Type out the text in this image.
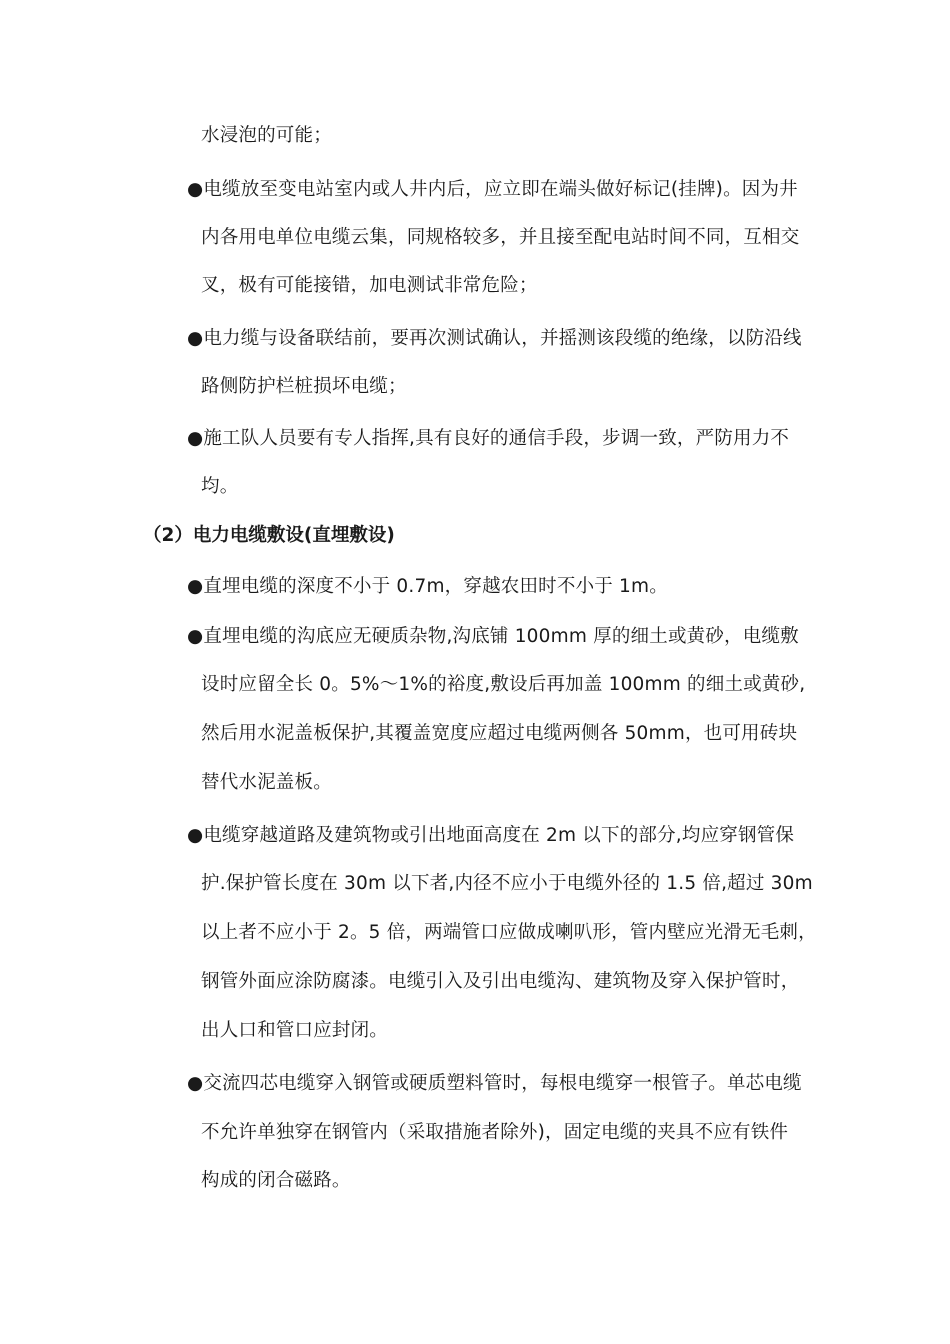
水浸泡的可能；
●电缆放至变电站室内或人井内后，应立即在端头做好标记(挂牌)。因为井
内各用电单位电缆云集，同规格较多，并且接至配电站时间不同，互相交
叉，极有可能接错，加电测试非常危险；
●电力缆与设备联结前，要再次测试确认，并摇测该段缆的绝缘，以防沿线
路侧防护栏桩损坏电缆；
●施工队人员要有专人指挥,具有良好的通信手段，步调一致，严防用力不
均。
（2）电力电缆敷设(直埋敷设)
●直埋电缆的深度不小于 0.7m，穿越农田时不小于 1m。
●直埋电缆的沟底应无硬质杂物,沟底铺 100mm 厚的细土或黄砂，电缆敷
设时应留全长 0。5%～1%的裕度,敷设后再加盖 100mm 的细土或黄砂,
然后用水泥盖板保护,其覆盖宽度应超过电缆两侧各 50mm，也可用砖块
替代水泥盖板。
●电缆穿越道路及建筑物或引出地面高度在 2m 以下的部分,均应穿钢管保
护.保护管长度在 30m 以下者,内径不应小于电缆外径的 1.5 倍,超过 30m
以上者不应小于 2。5 倍，两端管口应做成喇叭形，管内壁应光滑无毛刺，
钢管外面应涂防腐漆。电缆引入及引出电缆沟、建筑物及穿入保护管时，
出人口和管口应封闭。
●交流四芯电缆穿入钢管或硬质塑料管时，每根电缆穿一根管子。单芯电缆
不允许单独穿在钢管内（采取措施者除外)，固定电缆的夹具不应有铁件
构成的闭合磁路。
